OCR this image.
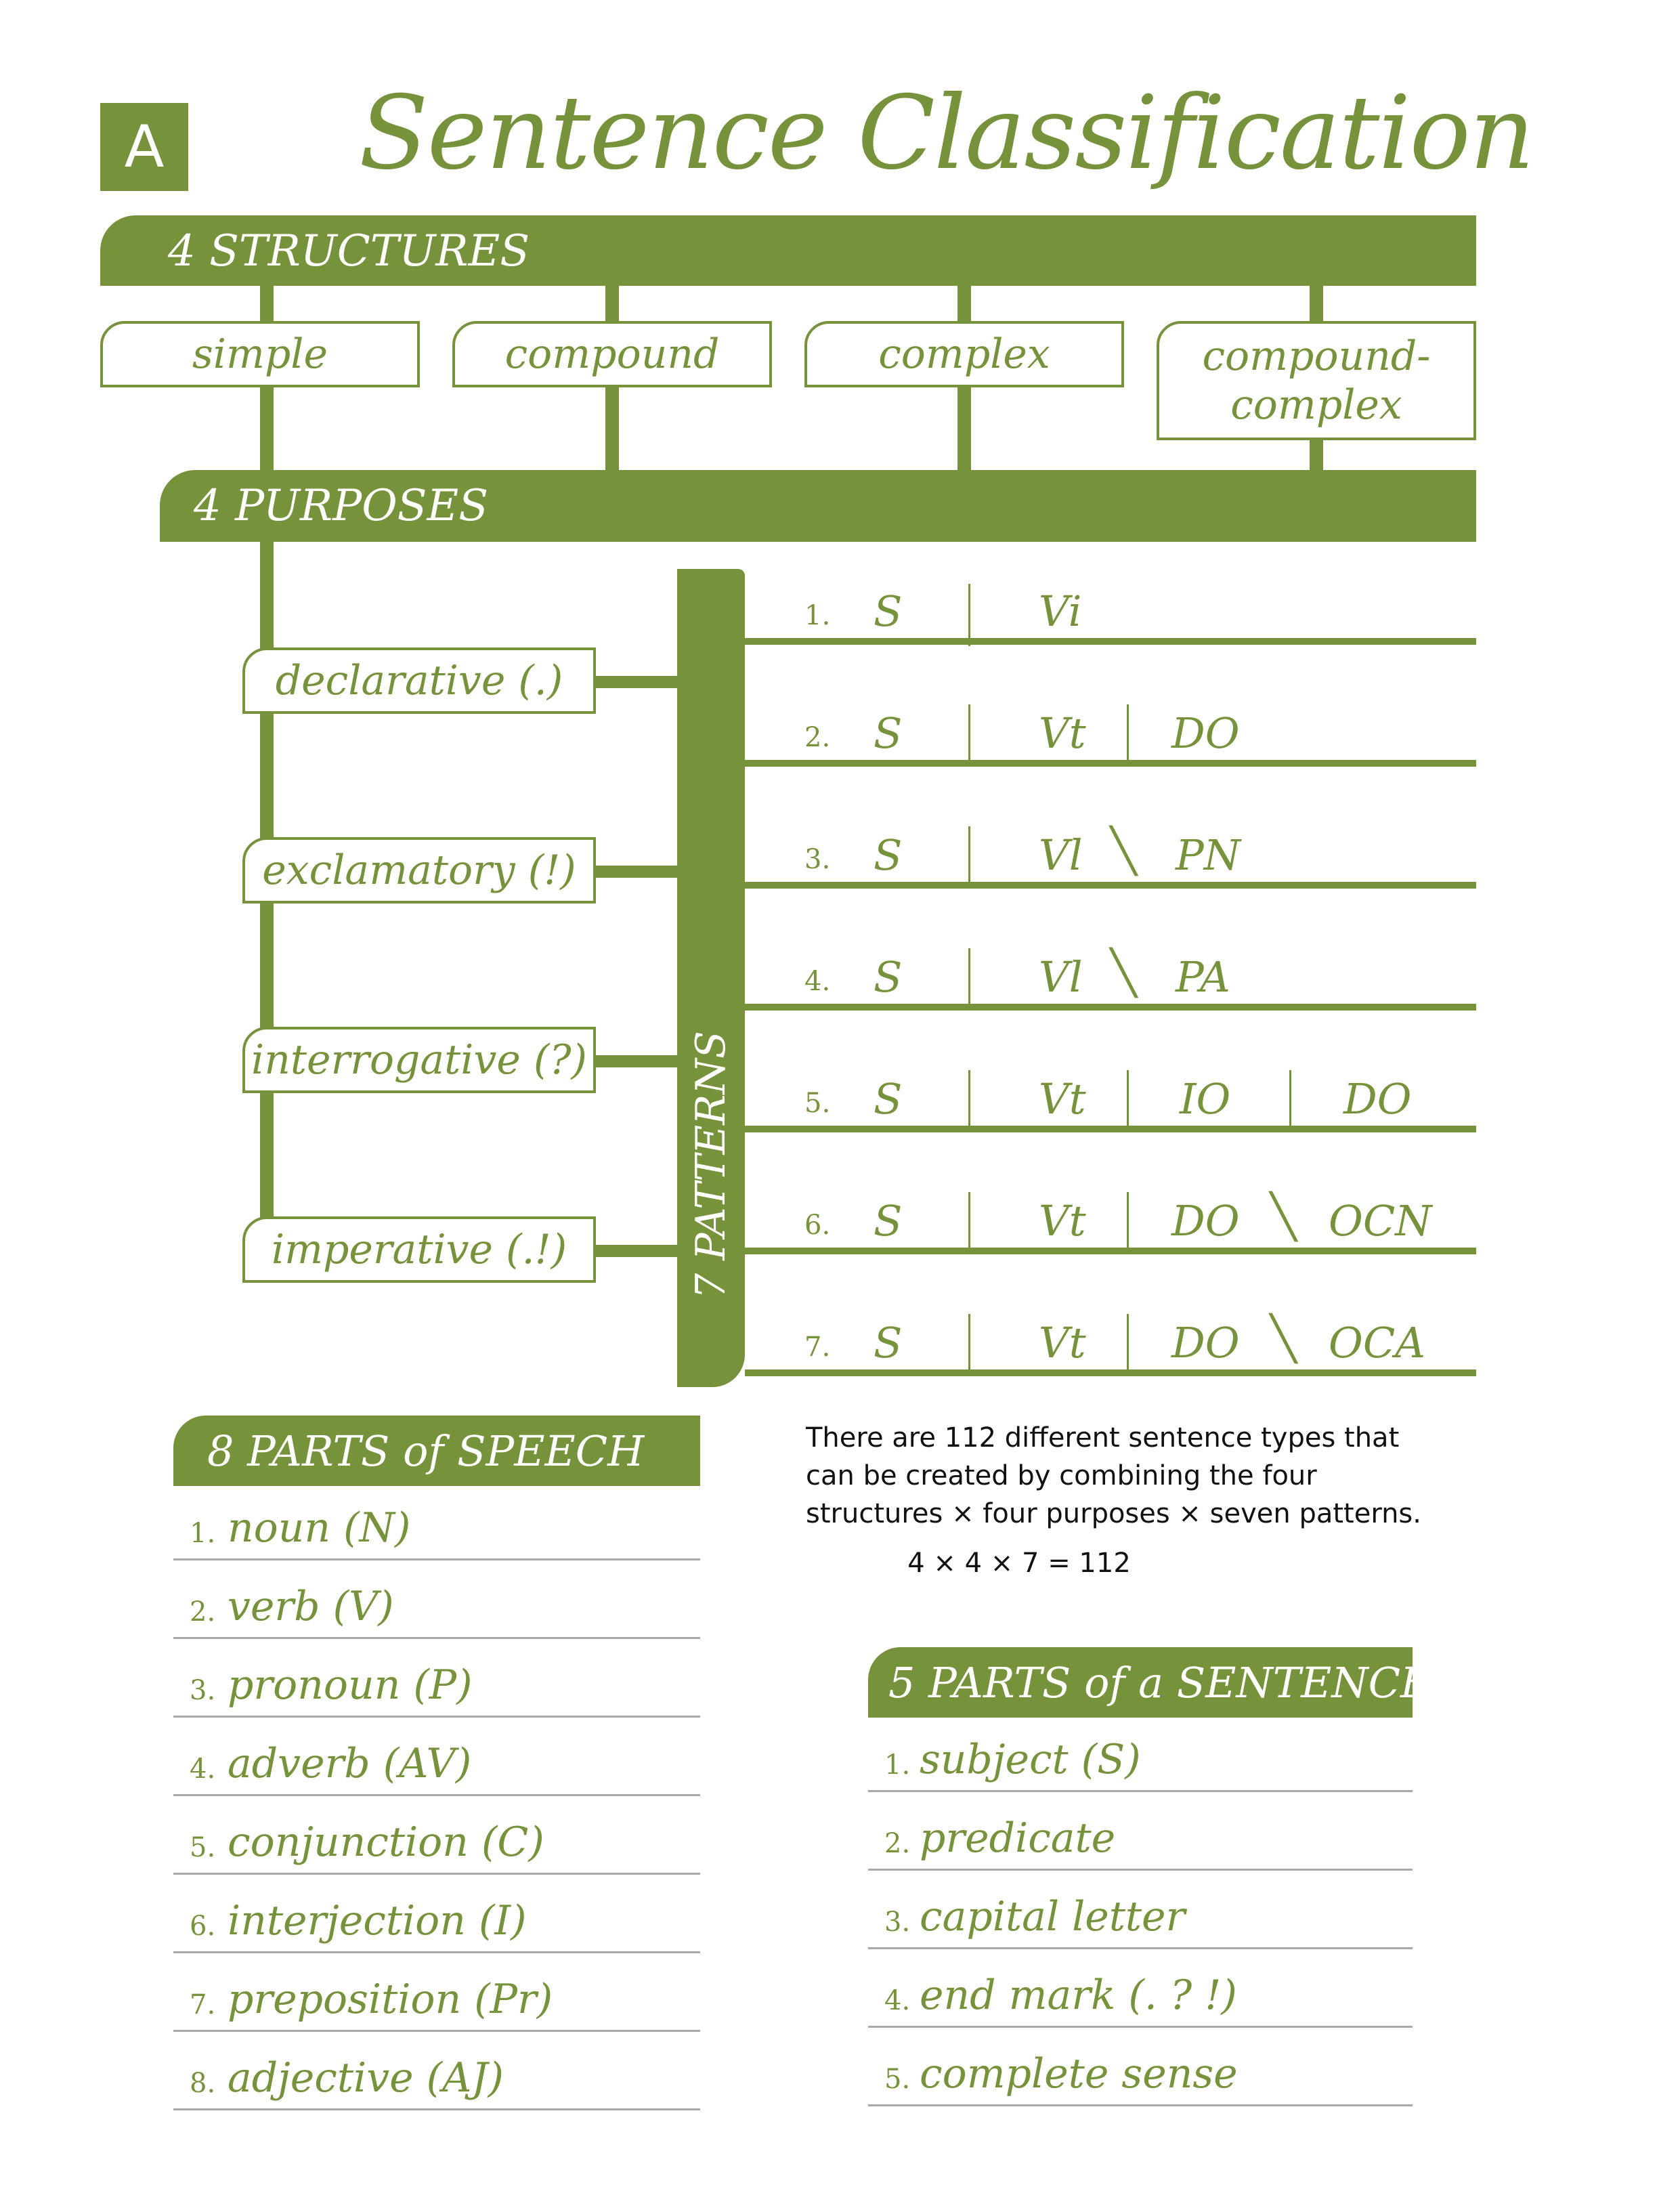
A Sentence Classification
4 STRUCTURES
simple	compound	complex	compound-
complex
4 PURPOSES
declarative (.)
exclamatory (!)
interrogative (?)
imperative (.!)	7 PATTERNS
1. S	Vi
2. S	Vt DO
3. S	Vl ╲ PN
4. S	Vl ╲ PA
5. S	Vt IO	DO
6. S	Vt DO ╲ OCN
7. S	Vt DO ╲ OCA
8 PARTS of SPEECH
1. noun (N)
2. verb (V)
3. pronoun (P)
4. adverb (AV)
5. conjunction (C)
6. interjection (I)
7. preposition (Pr)
8. adjective (AJ)
There are 112 different sentence types that can be created by combining the four structures × four purposes × seven patterns.
4 × 4 × 7 = 112
5 PARTS of a SENTENCE
1. subject (S)
2. predicate
3. capital letter
4. end mark (. ? !)
5. complete sense
